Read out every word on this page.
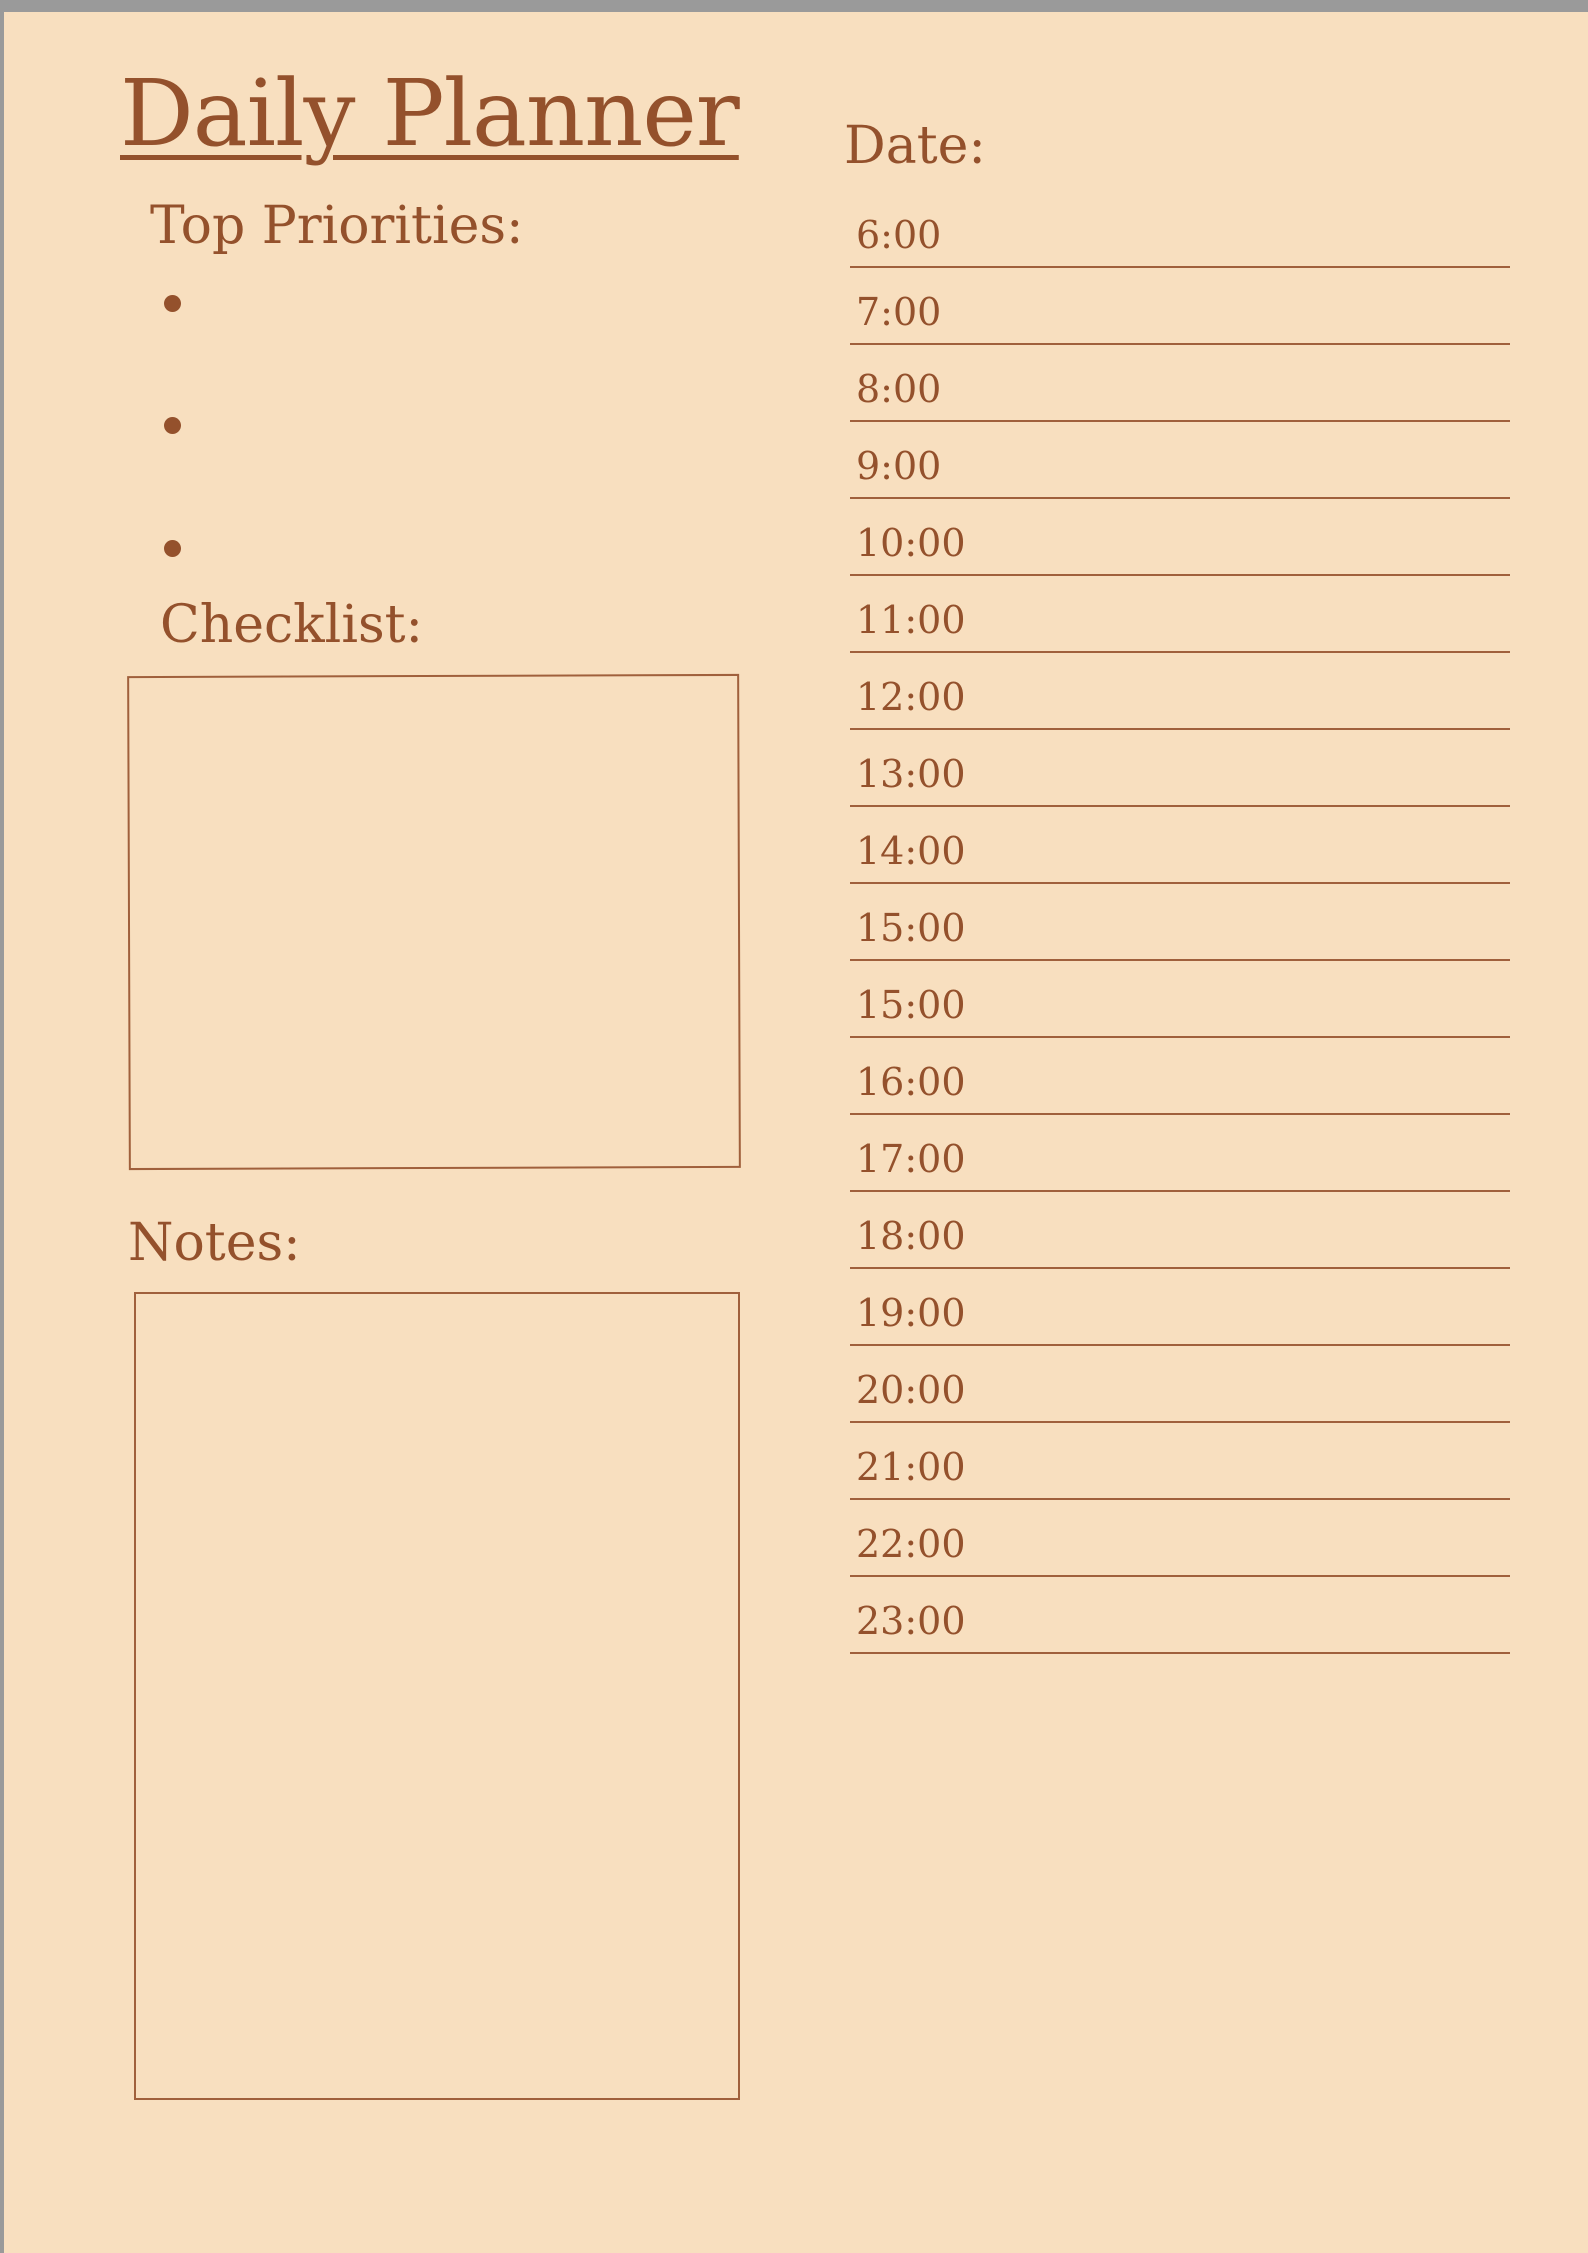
Daily Planner
Top Priorities:
Checklist:
Notes:
Date:
6:00
7:00
8:00
9:00
10:00
11:00
12:00
13:00
14:00
15:00
15:00
16:00
17:00
18:00
19:00
20:00
21:00
22:00
23:00
